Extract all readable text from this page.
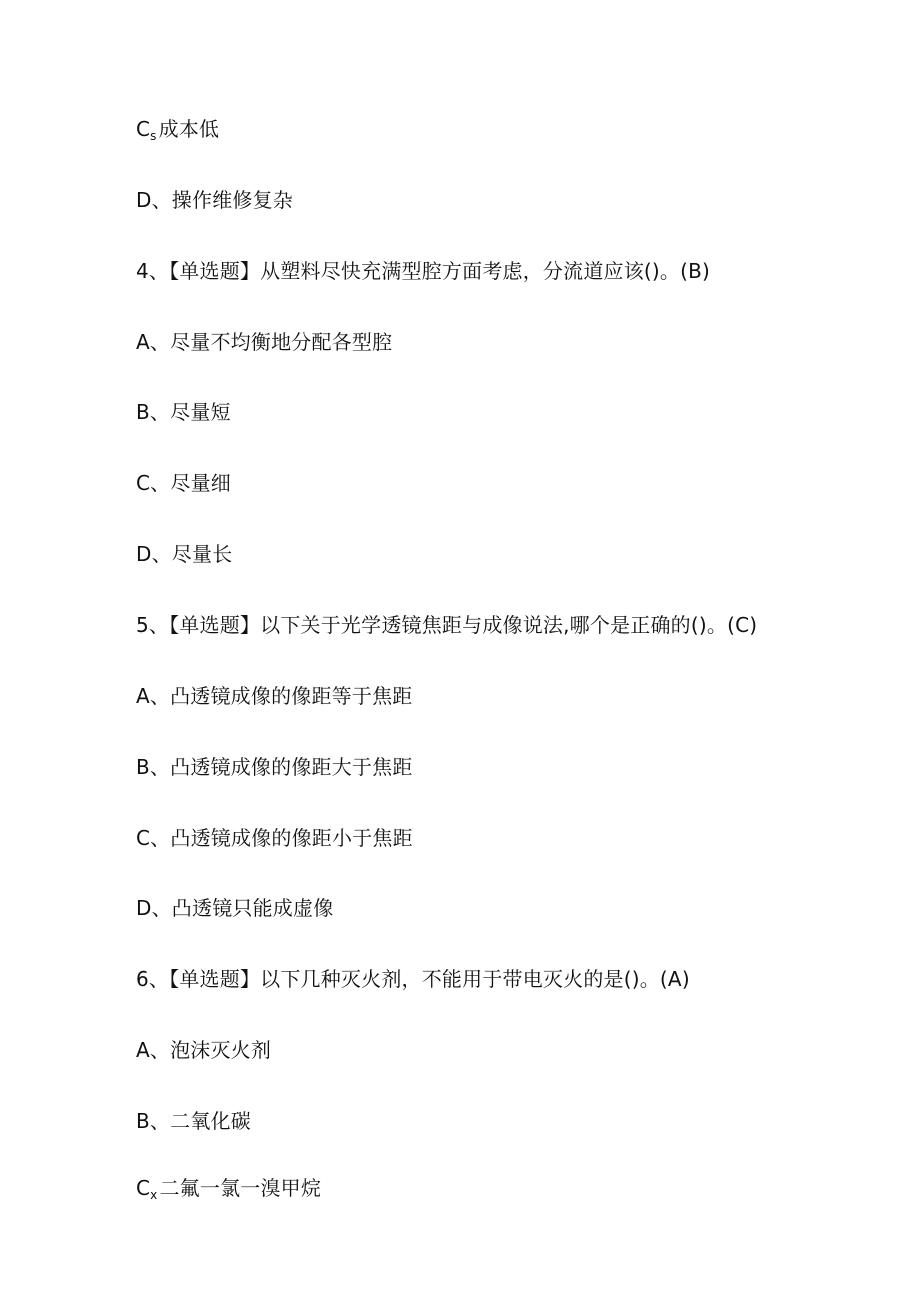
$C_s$ 成本低
D、操作维修复杂
4、【单选题】从塑料尽快充满型腔方面考虑，分流道应该()。(B)
A、尽量不均衡地分配各型腔
B、尽量短
C、尽量细
D、尽量长
5、【单选题】以下关于光学透镜焦距与成像说法,哪个是正确的()。(C)
A、凸透镜成像的像距等于焦距
B、凸透镜成像的像距大于焦距
C、凸透镜成像的像距小于焦距
D、凸透镜只能成虚像
6、【单选题】以下几种灭火剂，不能用于带电灭火的是()。(A)
A、泡沫灭火剂
B、二氧化碳
$C_x$ 二氟一氯一溴甲烷
